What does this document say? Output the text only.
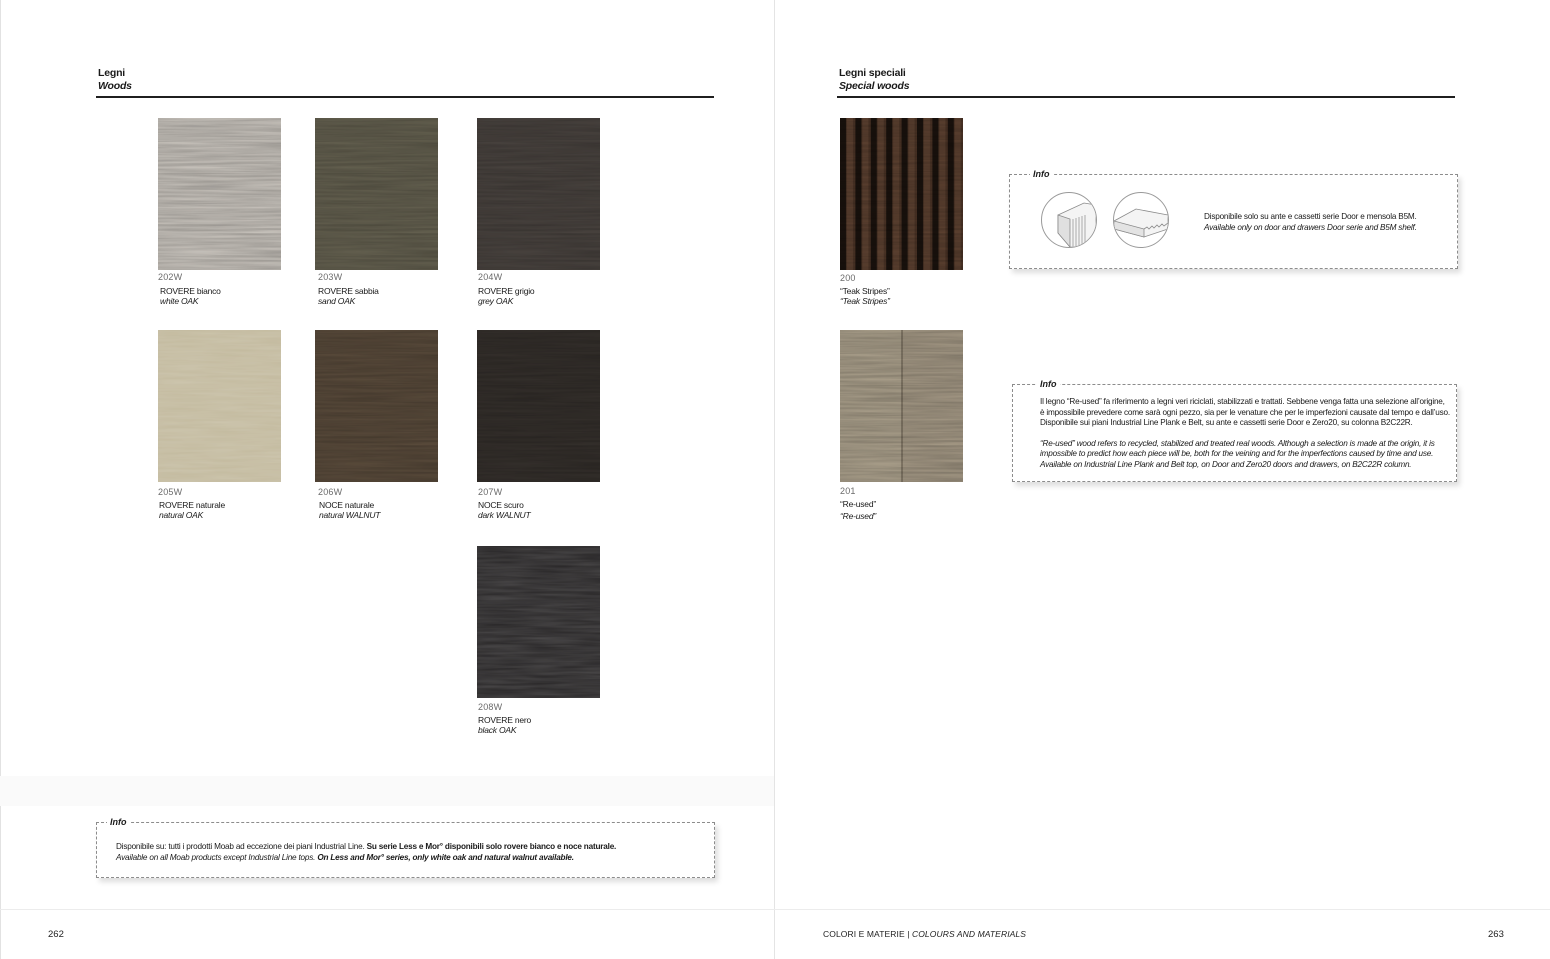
Legni
Woods
202W
ROVERE bianco
white OAK
203W
ROVERE sabbia
sand OAK
204W
ROVERE grigio
grey OAK
205W
ROVERE naturale
natural OAK
206W
NOCE naturale
natural WALNUT
207W
NOCE scuro
dark WALNUT
208W
ROVERE nero
black OAK
Info
Disponibile su: tutti i prodotti Moab ad eccezione dei piani Industrial Line. Su serie Less e Mor° disponibili solo rovere bianco e noce naturale.
Available on all Moab products except Industrial Line tops. On Less and Mor° series, only white oak and natural walnut available.
262
Legni speciali
Special woods
200
“Teak Stripes”
“Teak Stripes”
201
“Re-used”
“Re-used”
Info
Disponibile solo su ante e cassetti serie Door e mensola B5M.
Available only on door and drawers Door serie and B5M shelf.
Info
Il legno “Re-used” fa riferimento a legni veri riciclati, stabilizzati e trattati. Sebbene venga fatta una selezione all’origine,
è impossibile prevedere come sarà ogni pezzo, sia per le venature che per le imperfezioni causate dal tempo e dall’uso.
Disponibile sui piani Industrial Line Plank e Belt, su ante e cassetti serie Door e Zero20, su colonna B2C22R.
“Re-used” wood refers to recycled, stabilized and treated real woods. Although a selection is made at the origin, it is
impossible to predict how each piece will be, both for the veining and for the imperfections caused by time and use.
Available on Industrial Line Plank and Belt top, on Door and Zero20 doors and drawers, on B2C22R column.
COLORI E MATERIE | COLOURS AND MATERIALS	263
